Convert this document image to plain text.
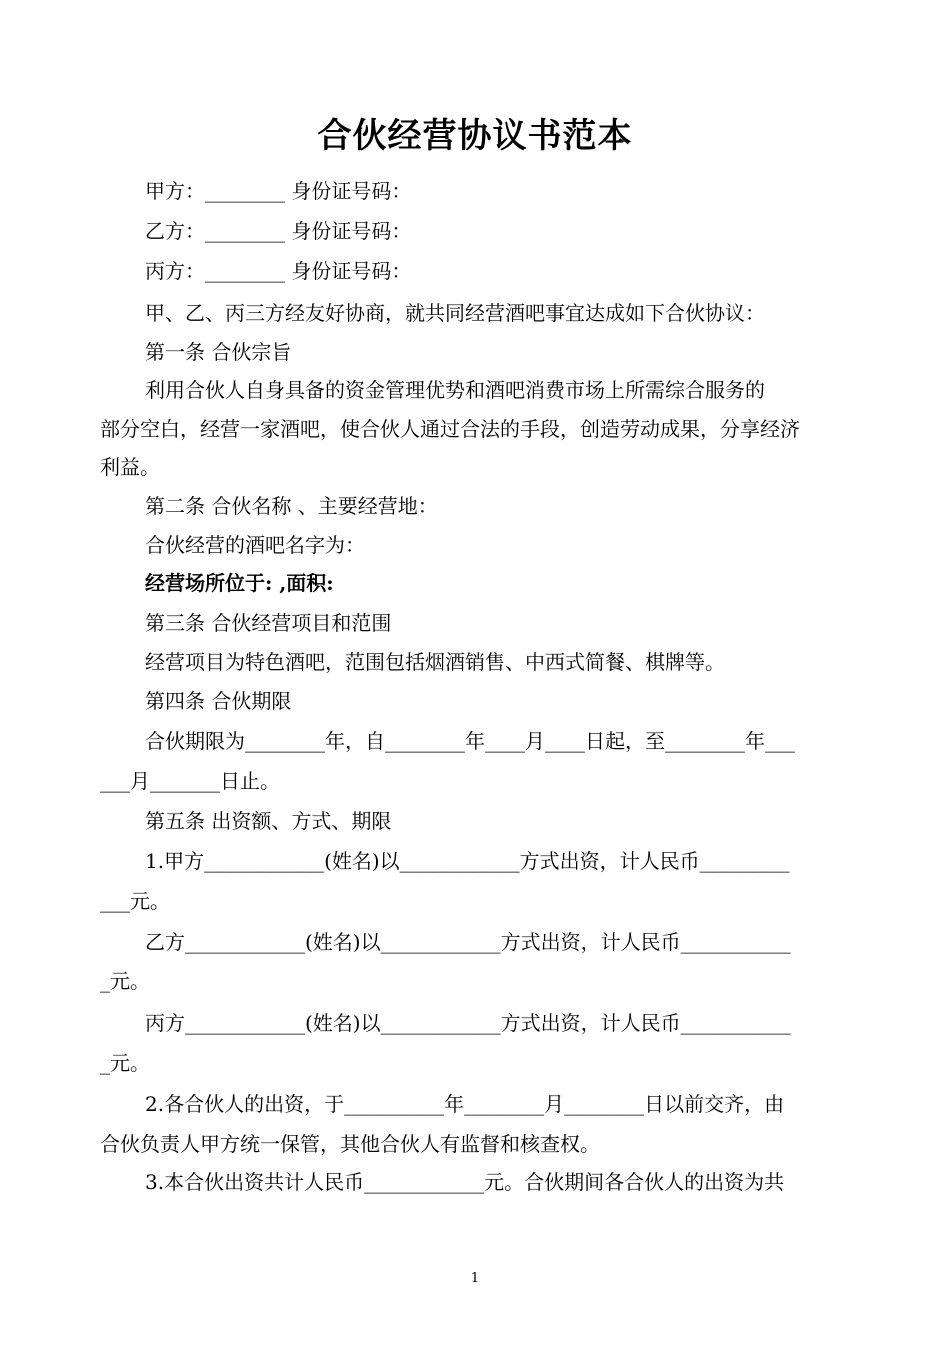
合伙经营协议书范本
甲方：________ 身份证号码：
乙方：________ 身份证号码：
丙方：________ 身份证号码：
甲、乙、丙三方经友好协商，就共同经营酒吧事宜达成如下合伙协议：
第一条 合伙宗旨
利用合伙人自身具备的资金管理优势和酒吧消费市场上所需综合服务的
部分空白，经营一家酒吧，使合伙人通过合法的手段，创造劳动成果，分享经济
利益。
第二条 合伙名称 、主要经营地：
合伙经营的酒吧名字为：
经营场所位于: ,面积:
第三条 合伙经营项目和范围
经营项目为特色酒吧，范围包括烟酒销售、中西式简餐、棋牌等。
第四条 合伙期限
合伙期限为________年，自________年____月____日起，至________年___
___月_______日止。
第五条 出资额、方式、期限
1.甲方____________(姓名)以____________方式出资，计人民币_________
___元。
乙方____________(姓名)以____________方式出资，计人民币___________
_元。
丙方____________(姓名)以____________方式出资，计人民币___________
_元。
2.各合伙人的出资，于__________年________月________日以前交齐，由
合伙负责人甲方统一保管，其他合伙人有监督和核查权。
3.本合伙出资共计人民币____________元。合伙期间各合伙人的出资为共
1
